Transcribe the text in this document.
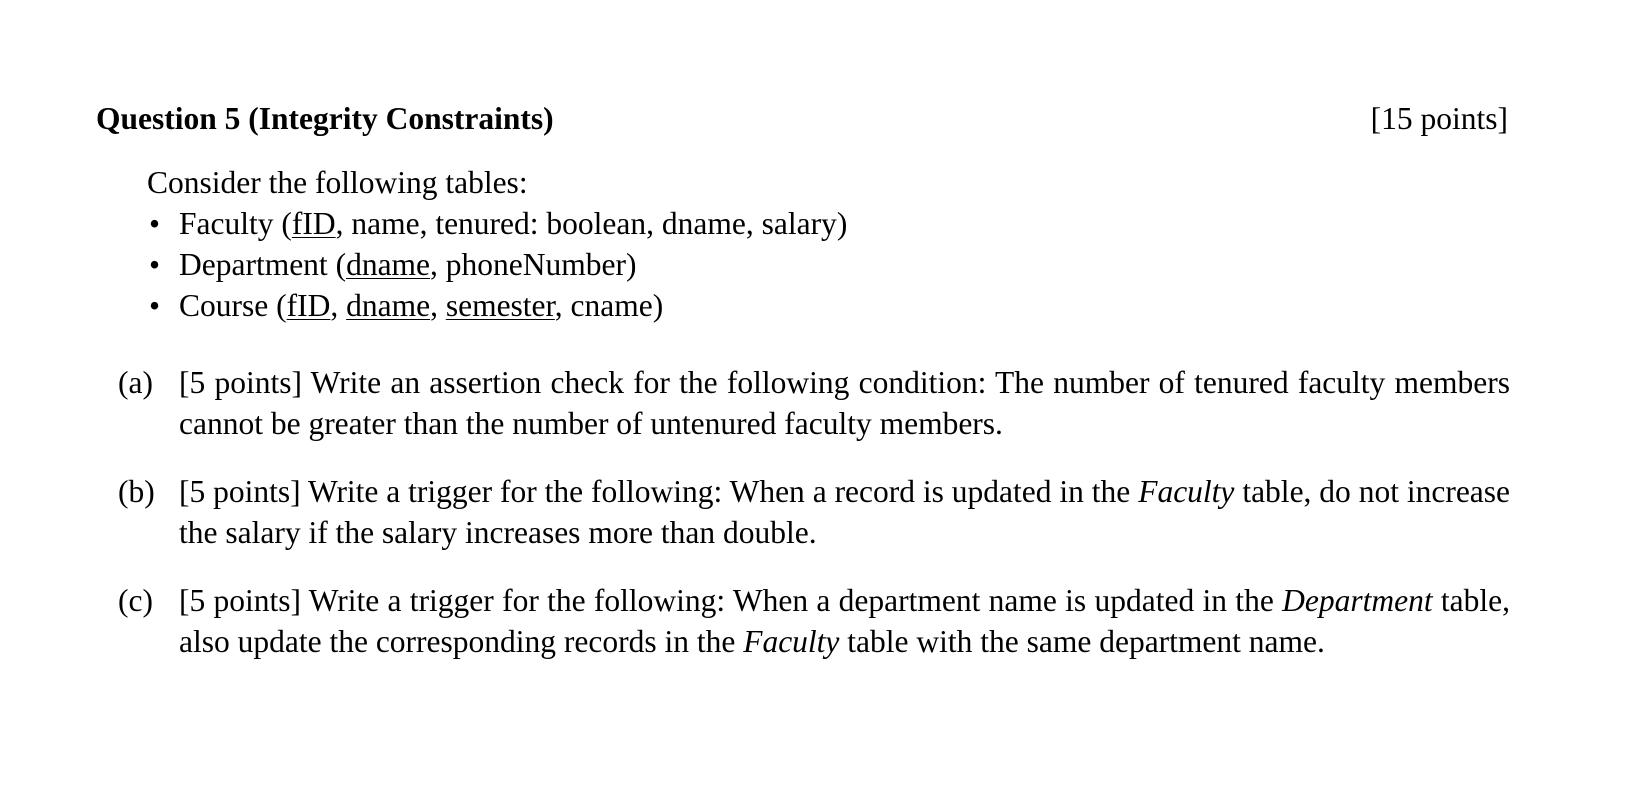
Question 5 (Integrity Constraints)	[15 points]

Consider the following tables:

• Faculty (fID, name, tenured: boolean, dname, salary)
• Department (dname, phoneNumber)
• Course (fID, dname, semester, cname)
(a) [5 points] Write an assertion check for the following condition: The number of tenured faculty members cannot be greater than the number of untenured faculty members.
(b) [5 points] Write a trigger for the following: When a record is updated in the Faculty table, do not increase the salary if the salary increases more than double.
(c) [5 points] Write a trigger for the following: When a department name is updated in the Department table, also update the corresponding records in the Faculty table with the same department name.
